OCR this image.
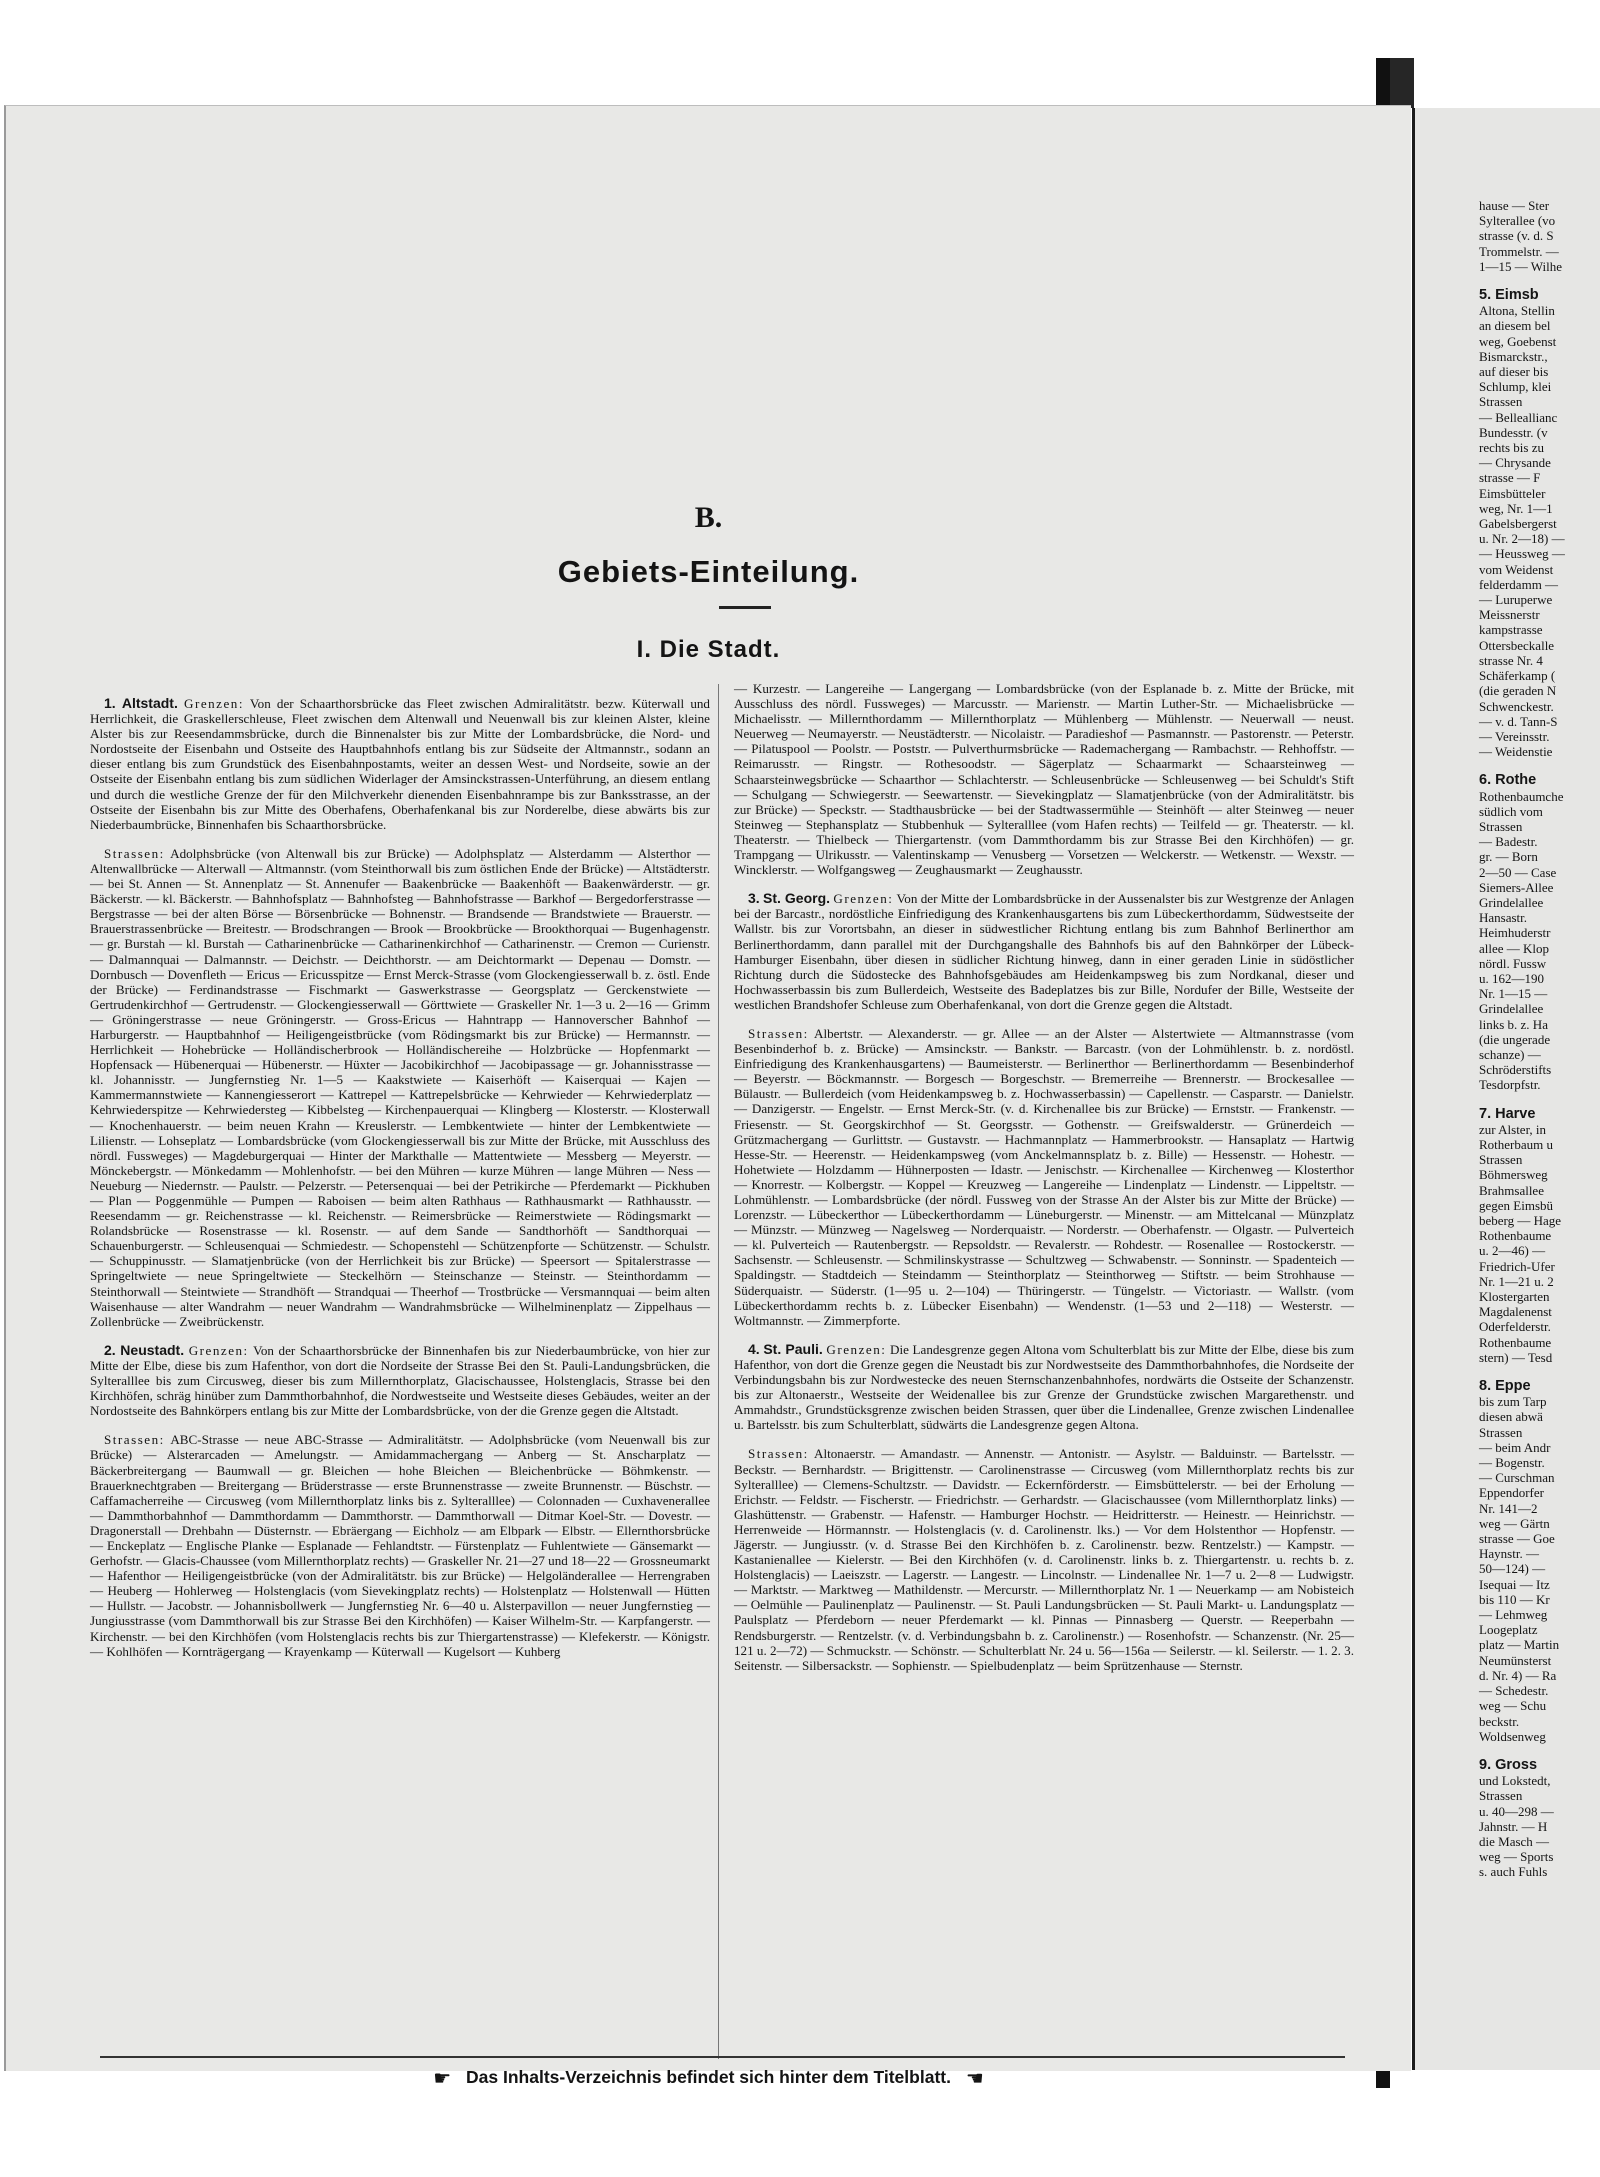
B.
Gebiets-Einteilung.
I. Die Stadt.

1. Altstadt. Grenzen: Von der Schaarthorsbrücke das Fleet zwischen Admiralitätstr. bezw. Küterwall und Herrlichkeit, die Graskellerschleuse, Fleet zwischen dem Altenwall und Neuenwall bis zur kleinen Alster, kleine Alster bis zur Reesendammsbrücke, durch die Binnenalster bis zur Mitte der Lombardsbrücke, die Nord- und Nordostseite der Eisenbahn und Ostseite des Hauptbahnhofs entlang bis zur Südseite der Altmannstr., sodann an dieser entlang bis zum Grundstück des Eisenbahnpostamts, weiter an dessen West- und Nordseite, sowie an der Ostseite der Eisenbahn entlang bis zum südlichen Widerlager der Amsinckstrassen-Unterführung, an diesem entlang und durch die westliche Grenze der für den Milchverkehr dienenden Eisenbahnrampe bis zur Banksstrasse, an der Ostseite der Eisenbahn bis zur Mitte des Oberhafens, Oberhafenkanal bis zur Norderelbe, diese abwärts bis zur Niederbaumbrücke, Binnenhafen bis Schaarthorsbrücke.

Strassen: Adolphsbrücke (von Altenwall bis zur Brücke) — Adolphsplatz — Alsterdamm — Alsterthor — Altenwallbrücke — Alterwall — Altmannstr. (vom Steinthorwall bis zum östlichen Ende der Brücke) — Altstädterstr. — bei St. Annen — St. Annenplatz — St. Annenufer — Baakenbrücke — Baakenhöft — Baakenwärderstr. — gr. Bäckerstr. — kl. Bäckerstr. — Bahnhofsplatz — Bahnhofsteg — Bahnhofstrasse — Barkhof — Bergedorferstrasse — Bergstrasse — bei der alten Börse — Börsenbrücke — Bohnenstr. — Brandsende — Brandstwiete — Brauerstr. — Brauerstrassenbrücke — Breitestr. — Brodschrangen — Brook — Brookbrücke — Brookthorquai — Bugenhagenstr. — gr. Burstah — kl. Burstah — Catharinenbrücke — Catharinenkirchhof — Catharinenstr. — Cremon — Curienstr. — Dalmannquai — Dalmannstr. — Deichstr. — Deichthorstr. — am Deichtormarkt — Depenau — Domstr. — Dornbusch — Dovenfleth — Ericus — Ericusspitze — Ernst Merck-Strasse (vom Glockengiesserwall b. z. östl. Ende der Brücke) — Ferdinandstrasse — Fischmarkt — Gaswerkstrasse — Georgsplatz — Gerckenstwiete — Gertrudenkirchhof — Gertrudenstr. — Glockengiesserwall — Görttwiete — Graskeller Nr. 1—3 u. 2—16 — Grimm — Gröningerstrasse — neue Gröningerstr. — Gross-Ericus — Hahntrapp — Hannoverscher Bahnhof — Harburgerstr. — Hauptbahnhof — Heiligengeistbrücke (vom Rödingsmarkt bis zur Brücke) — Hermannstr. — Herrlichkeit — Hohebrücke — Holländischerbrook — Holländischereihe — Holzbrücke — Hopfenmarkt — Hopfensack — Hübenerquai — Hübenerstr. — Hüxter — Jacobikirchhof — Jacobipassage — gr. Johannisstrasse — kl. Johannisstr. — Jungfernstieg Nr. 1—5 — Kaakstwiete — Kaiserhöft — Kaiserquai — Kajen — Kammermannstwiete — Kannengiesserort — Kattrepel — Kattrepelsbrücke — Kehrwieder — Kehrwiederplatz — Kehrwiederspitze — Kehrwiedersteg — Kibbelsteg — Kirchenpauerquai — Klingberg — Klosterstr. — Klosterwall — Knochenhauerstr. — beim neuen Krahn — Kreuslerstr. — Lembkentwiete — hinter der Lembkentwiete — Lilienstr. — Lohseplatz — Lombardsbrücke (vom Glockengiesserwall bis zur Mitte der Brücke, mit Ausschluss des nördl. Fussweges) — Magdeburgerquai — Hinter der Markthalle — Mattentwiete — Messberg — Meyerstr. — Mönckebergstr. — Mönkedamm — Mohlenhofstr. — bei den Mühren — kurze Mühren — lange Mühren — Ness — Neueburg — Niedernstr. — Paulstr. — Pelzerstr. — Petersenquai — bei der Petrikirche — Pferdemarkt — Pickhuben — Plan — Poggenmühle — Pumpen — Raboisen — beim alten Rathhaus — Rathhausmarkt — Rathhausstr. — Reesendamm — gr. Reichenstrasse — kl. Reichenstr. — Reimersbrücke — Reimerstwiete — Rödingsmarkt — Rolandsbrücke — Rosenstrasse — kl. Rosenstr. — auf dem Sande — Sandthorhöft — Sandthorquai — Schauenburgerstr. — Schleusenquai — Schmiedestr. — Schopenstehl — Schützenpforte — Schützenstr. — Schulstr. — Schuppinusstr. — Slamatjenbrücke (von der Herrlichkeit bis zur Brücke) — Speersort — Spitalerstrasse — Springeltwiete — neue Springeltwiete — Steckelhörn — Steinschanze — Steinstr. — Steinthordamm — Steinthorwall — Steintwiete — Strandhöft — Strandquai — Theerhof — Trostbrücke — Versmannquai — beim alten Waisenhause — alter Wandrahm — neuer Wandrahm — Wandrahmsbrücke — Wilhelminenplatz — Zippelhaus — Zollenbrücke — Zweibrückenstr.

2. Neustadt. Grenzen: Von der Schaarthorsbrücke der Binnenhafen bis zur Niederbaumbrücke, von hier zur Mitte der Elbe, diese bis zum Hafenthor, von dort die Nordseite der Strasse Bei den St. Pauli-Landungsbrücken, die Sylteralllee bis zum Circusweg, dieser bis zum Millernthorplatz, Glacischaussee, Holstenglacis, Strasse bei den Kirchhöfen, schräg hinüber zum Dammthorbahnhof, die Nordwestseite und Westseite dieses Gebäudes, weiter an der Nordostseite des Bahnkörpers entlang bis zur Mitte der Lombardsbrücke, von der die Grenze gegen die Altstadt.

Strassen: ABC-Strasse — neue ABC-Strasse — Admiralitätstr. — Adolphsbrücke (vom Neuenwall bis zur Brücke) — Alsterarcaden — Amelungstr. — Amidammachergang — Anberg — St. Anscharplatz — Bäckerbreitergang — Baumwall — gr. Bleichen — hohe Bleichen — Bleichenbrücke — Böhmkenstr. — Brauerknechtgraben — Breitergang — Brüderstrasse — erste Brunnenstrasse — zweite Brunnenstr. — Büschstr. — Caffamacherreihe — Circusweg (vom Millernthorplatz links bis z. Sylteralllee) — Colonnaden — Cuxhavenerallee — Dammthorbahnhof — Dammthordamm — Dammthorstr. — Dammthorwall — Ditmar Koel-Str. — Dovestr. — Dragonerstall — Drehbahn — Düsternstr. — Ebräergang — Eichholz — am Elbpark — Elbstr. — Ellernthorsbrücke — Enckeplatz — Englische Planke — Esplanade — Fehlandtstr. — Fürstenplatz — Fuhlentwiete — Gänsemarkt — Gerhofstr. — Glacis-Chaussee (vom Millernthorplatz rechts) — Graskeller Nr. 21—27 und 18—22 — Grossneumarkt — Hafenthor — Heiligengeistbrücke (von der Admiralitätstr. bis zur Brücke) — Helgoländerallee — Herrengraben — Heuberg — Hohlerweg — Holstenglacis (vom Sievekingplatz rechts) — Holstenplatz — Holstenwall — Hütten — Hullstr. — Jacobstr. — Johannisbollwerk — Jungfernstieg Nr. 6—40 u. Alsterpavillon — neuer Jungfernstieg — Jungiusstrasse (vom Dammthorwall bis zur Strasse Bei den Kirchhöfen) — Kaiser Wilhelm-Str. — Karpfangerstr. — Kirchenstr. — bei den Kirchhöfen (vom Holstenglacis rechts bis zur Thiergartenstrasse) — Klefekerstr. — Königstr. — Kohlhöfen — Kornträgergang — Krayenkamp — Küterwall — Kugelsort — Kuhberg

— Kurzestr. — Langereihe — Langergang — Lombardsbrücke (von der Esplanade b. z. Mitte der Brücke, mit Ausschluss des nördl. Fussweges) — Marcusstr. — Marienstr. — Martin Luther-Str. — Michaelisbrücke — Michaelisstr. — Millernthordamm — Millernthorplatz — Mühlenberg — Mühlenstr. — Neuerwall — neust. Neuerweg — Neumayerstr. — Neustädterstr. — Nicolaistr. — Paradieshof — Pasmannstr. — Pastorenstr. — Peterstr. — Pilatuspool — Poolstr. — Poststr. — Pulverthurmsbrücke — Rademachergang — Rambachstr. — Rehhoffstr. — Reimarusstr. — Ringstr. — Rothesoodstr. — Sägerplatz — Schaarmarkt — Schaarsteinweg — Schaarsteinwegsbrücke — Schaarthor — Schlachterstr. — Schleusenbrücke — Schleusenweg — bei Schuldt's Stift — Schulgang — Schwiegerstr. — Seewartenstr. — Sievekingplatz — Slamatjenbrücke (von der Admiralitätstr. bis zur Brücke) — Speckstr. — Stadthausbrücke — bei der Stadtwassermühle — Steinhöft — alter Steinweg — neuer Steinweg — Stephansplatz — Stubbenhuk — Sylteralllee (vom Hafen rechts) — Teilfeld — gr. Theaterstr. — kl. Theaterstr. — Thielbeck — Thiergartenstr. (vom Dammthordamm bis zur Strasse Bei den Kirchhöfen) — gr. Trampgang — Ulrikusstr. — Valentinskamp — Venusberg — Vorsetzen — Welckerstr. — Wetkenstr. — Wexstr. — Wincklerstr. — Wolfgangsweg — Zeughausmarkt — Zeughausstr.

3. St. Georg. Grenzen: Von der Mitte der Lombardsbrücke in der Aussenalster bis zur Westgrenze der Anlagen bei der Barcastr., nordöstliche Einfriedigung des Krankenhausgartens bis zum Lübeckerthordamm, Südwestseite der Wallstr. bis zur Vorortsbahn, an dieser in südwestlicher Richtung entlang bis zum Bahnhof Berlinerthor am Berlinerthordamm, dann parallel mit der Durchgangshalle des Bahnhofs bis auf den Bahnkörper der Lübeck-Hamburger Eisenbahn, über diesen in südlicher Richtung hinweg, dann in einer geraden Linie in südöstlicher Richtung durch die Südostecke des Bahnhofsgebäudes am Heidenkampsweg bis zum Nordkanal, dieser und Hochwasserbassin bis zum Bullerdeich, Westseite des Badeplatzes bis zur Bille, Nordufer der Bille, Westseite der westlichen Brandshofer Schleuse zum Oberhafenkanal, von dort die Grenze gegen die Altstadt.

Strassen: Albertstr. — Alexanderstr. — gr. Allee — an der Alster — Alstertwiete — Altmannstrasse (vom Besenbinderhof b. z. Brücke) — Amsinckstr. — Bankstr. — Barcastr. (von der Lohmühlenstr. b. z. nordöstl. Einfriedigung des Krankenhausgartens) — Baumeisterstr. — Berlinerthor — Berlinerthordamm — Besenbinderhof — Beyerstr. — Böckmannstr. — Borgesch — Borgeschstr. — Bremerreihe — Brennerstr. — Brockesallee — Bülaustr. — Bullerdeich (vom Heidenkampsweg b. z. Hochwasserbassin) — Capellenstr. — Casparstr. — Danielstr. — Danzigerstr. — Engelstr. — Ernst Merck-Str. (v. d. Kirchenallee bis zur Brücke) — Ernststr. — Frankenstr. — Friesenstr. — St. Georgskirchhof — St. Georgsstr. — Gothenstr. — Greifswalderstr. — Grünerdeich — Grützmachergang — Gurlittstr. — Gustavstr. — Hachmannplatz — Hammerbrookstr. — Hansaplatz — Hartwig Hesse-Str. — Heerenstr. — Heidenkampsweg (vom Anckelmannsplatz b. z. Bille) — Hessenstr. — Hohestr. — Hohetwiete — Holzdamm — Hühnerposten — Idastr. — Jenischstr. — Kirchenallee — Kirchenweg — Klosterthor — Knorrestr. — Kolbergstr. — Koppel — Kreuzweg — Langereihe — Lindenplatz — Lindenstr. — Lippeltstr. — Lohmühlenstr. — Lombardsbrücke (der nördl. Fussweg von der Strasse An der Alster bis zur Mitte der Brücke) — Lorenzstr. — Lübeckerthor — Lübeckerthordamm — Lüneburgerstr. — Minenstr. — am Mittelcanal — Münzplatz — Münzstr. — Münzweg — Nagelsweg — Norderquaistr. — Norderstr. — Oberhafenstr. — Olgastr. — Pulverteich — kl. Pulverteich — Rautenbergstr. — Repsoldstr. — Revalerstr. — Rohdestr. — Rosenallee — Rostockerstr. — Sachsenstr. — Schleusenstr. — Schmilinskystrasse — Schultzweg — Schwabenstr. — Sonninstr. — Spadenteich — Spaldingstr. — Stadtdeich — Steindamm — Steinthorplatz — Steinthorweg — Stiftstr. — beim Strohhause — Süderquaistr. — Süderstr. (1—95 u. 2—104) — Thüringerstr. — Tüngelstr. — Victoriastr. — Wallstr. (vom Lübeckerthordamm rechts b. z. Lübecker Eisenbahn) — Wendenstr. (1—53 und 2—118) — Westerstr. — Woltmannstr. — Zimmerpforte.

4. St. Pauli. Grenzen: Die Landesgrenze gegen Altona vom Schulterblatt bis zur Mitte der Elbe, diese bis zum Hafenthor, von dort die Grenze gegen die Neustadt bis zur Nordwestseite des Dammthorbahnhofes, die Nordseite der Verbindungsbahn bis zur Nordwestecke des neuen Sternschanzenbahnhofes, nordwärts die Ostseite der Schanzenstr. bis zur Altonaerstr., Westseite der Weidenallee bis zur Grenze der Grundstücke zwischen Margarethenstr. und Ammahdstr., Grundstücksgrenze zwischen beiden Strassen, quer über die Lindenallee, Grenze zwischen Lindenallee u. Bartelsstr. bis zum Schulterblatt, südwärts die Landesgrenze gegen Altona.

Strassen: Altonaerstr. — Amandastr. — Annenstr. — Antonistr. — Asylstr. — Balduinstr. — Bartelsstr. — Beckstr. — Bernhardstr. — Brigittenstr. — Carolinenstrasse — Circusweg (vom Millernthorplatz rechts bis zur Sylteralllee) — Clemens-Schultzstr. — Davidstr. — Eckernförderstr. — Eimsbüttelerstr. — bei der Erholung — Erichstr. — Feldstr. — Fischerstr. — Friedrichstr. — Gerhardstr. — Glacischaussee (vom Millernthorplatz links) — Glashüttenstr. — Grabenstr. — Hafenstr. — Hamburger Hochstr. — Heidritterstr. — Heinestr. — Heinrichstr. — Herrenweide — Hörmannstr. — Holstenglacis (v. d. Carolinenstr. lks.) — Vor dem Holstenthor — Hopfenstr. — Jägerstr. — Jungiusstr. (v. d. Strasse Bei den Kirchhöfen b. z. Carolinenstr. bezw. Rentzelstr.) — Kampstr. — Kastanienallee — Kielerstr. — Bei den Kirchhöfen (v. d. Carolinenstr. links b. z. Thiergartenstr. u. rechts b. z. Holstenglacis) — Laeiszstr. — Lagerstr. — Langestr. — Lincolnstr. — Lindenallee Nr. 1—7 u. 2—8 — Ludwigstr. — Marktstr. — Marktweg — Mathildenstr. — Mercurstr. — Millernthorplatz Nr. 1 — Neuerkamp — am Nobisteich — Oelmühle — Paulinenplatz — Paulinenstr. — St. Pauli Landungsbrücken — St. Pauli Markt- u. Landungsplatz — Paulsplatz — Pferdeborn — neuer Pferdemarkt — kl. Pinnas — Pinnasberg — Querstr. — Reeperbahn — Rendsburgerstr. — Rentzelstr. (v. d. Verbindungsbahn b. z. Carolinenstr.) — Rosenhofstr. — Schanzenstr. (Nr. 25—121 u. 2—72) — Schmuckstr. — Schönstr. — Schulterblatt Nr. 24 u. 56—156a — Seilerstr. — kl. Seilerstr. — 1. 2. 3. Seitenstr. — Silbersackstr. — Sophienstr. — Spielbudenplatz — beim Sprützenhause — Sternstr.

☛ Das Inhalts-Verzeichnis befindet sich hinter dem Titelblatt. ☚
hause — Ster
Sylterallee (vo
strasse (v. d. S
Trommelstr. —
1—15 — Wilhe
5. Eimsb
Altona, Stellin
an diesem bel
weg, Goebenst
Bismarckstr.,
auf dieser bis
Schlump, klei
Strassen
— Belleallianc
Bundesstr. (v
rechts bis zu
— Chrysande
strasse — F
Eimsbütteler
weg, Nr. 1—1
Gabelsbergerst
u. Nr. 2—18) —
— Heussweg —
vom Weidenst
felderdamm —
— Luruperwe
Meissnerstr
kampstrasse
Ottersbeckalle
strasse Nr. 4
Schäferkamp (
(die geraden N
Schwenckestr.
— v. d. Tann-S
— Vereinsstr.
— Weidenstie
6. Rothe
Rothenbaumche
südlich vom
Strassen
— Badestr.
gr. — Born
2—50 — Case
Siemers-Allee
Grindelallee
Hansastr.
Heimhuderstr
allee — Klop
nördl. Fussw
u. 162—190
Nr. 1—15 —
Grindelallee
links b. z. Ha
(die ungerade
schanze) —
Schröderstifts
Tesdorpfstr.
7. Harve
zur Alster, in
Rotherbaum u
Strassen
Böhmersweg
Brahmsallee
gegen Eimsbü
beberg — Hage
Rothenbaume
u. 2—46) —
Friedrich-Ufer
Nr. 1—21 u. 2
Klostergarten
Magdalenenst
Oderfelderstr.
Rothenbaume
stern) — Tesd
8. Eppe
bis zum Tarp
diesen abwä
Strassen
— beim Andr
— Bogenstr.
— Curschman
Eppendorfer
Nr. 141—2
weg — Gärtn
strasse — Goe
Haynstr. —
50—124) —
Isequai — Itz
bis 110 — Kr
— Lehmweg
Loogeplatz
platz — Martin
Neumünsterst
d. Nr. 4) — Ra
— Schedestr.
weg — Schu
beckstr.
Woldsenweg
9. Gross
und Lokstedt,
Strassen
u. 40—298 —
Jahnstr. — H
die Masch —
weg — Sports
s. auch Fuhls
